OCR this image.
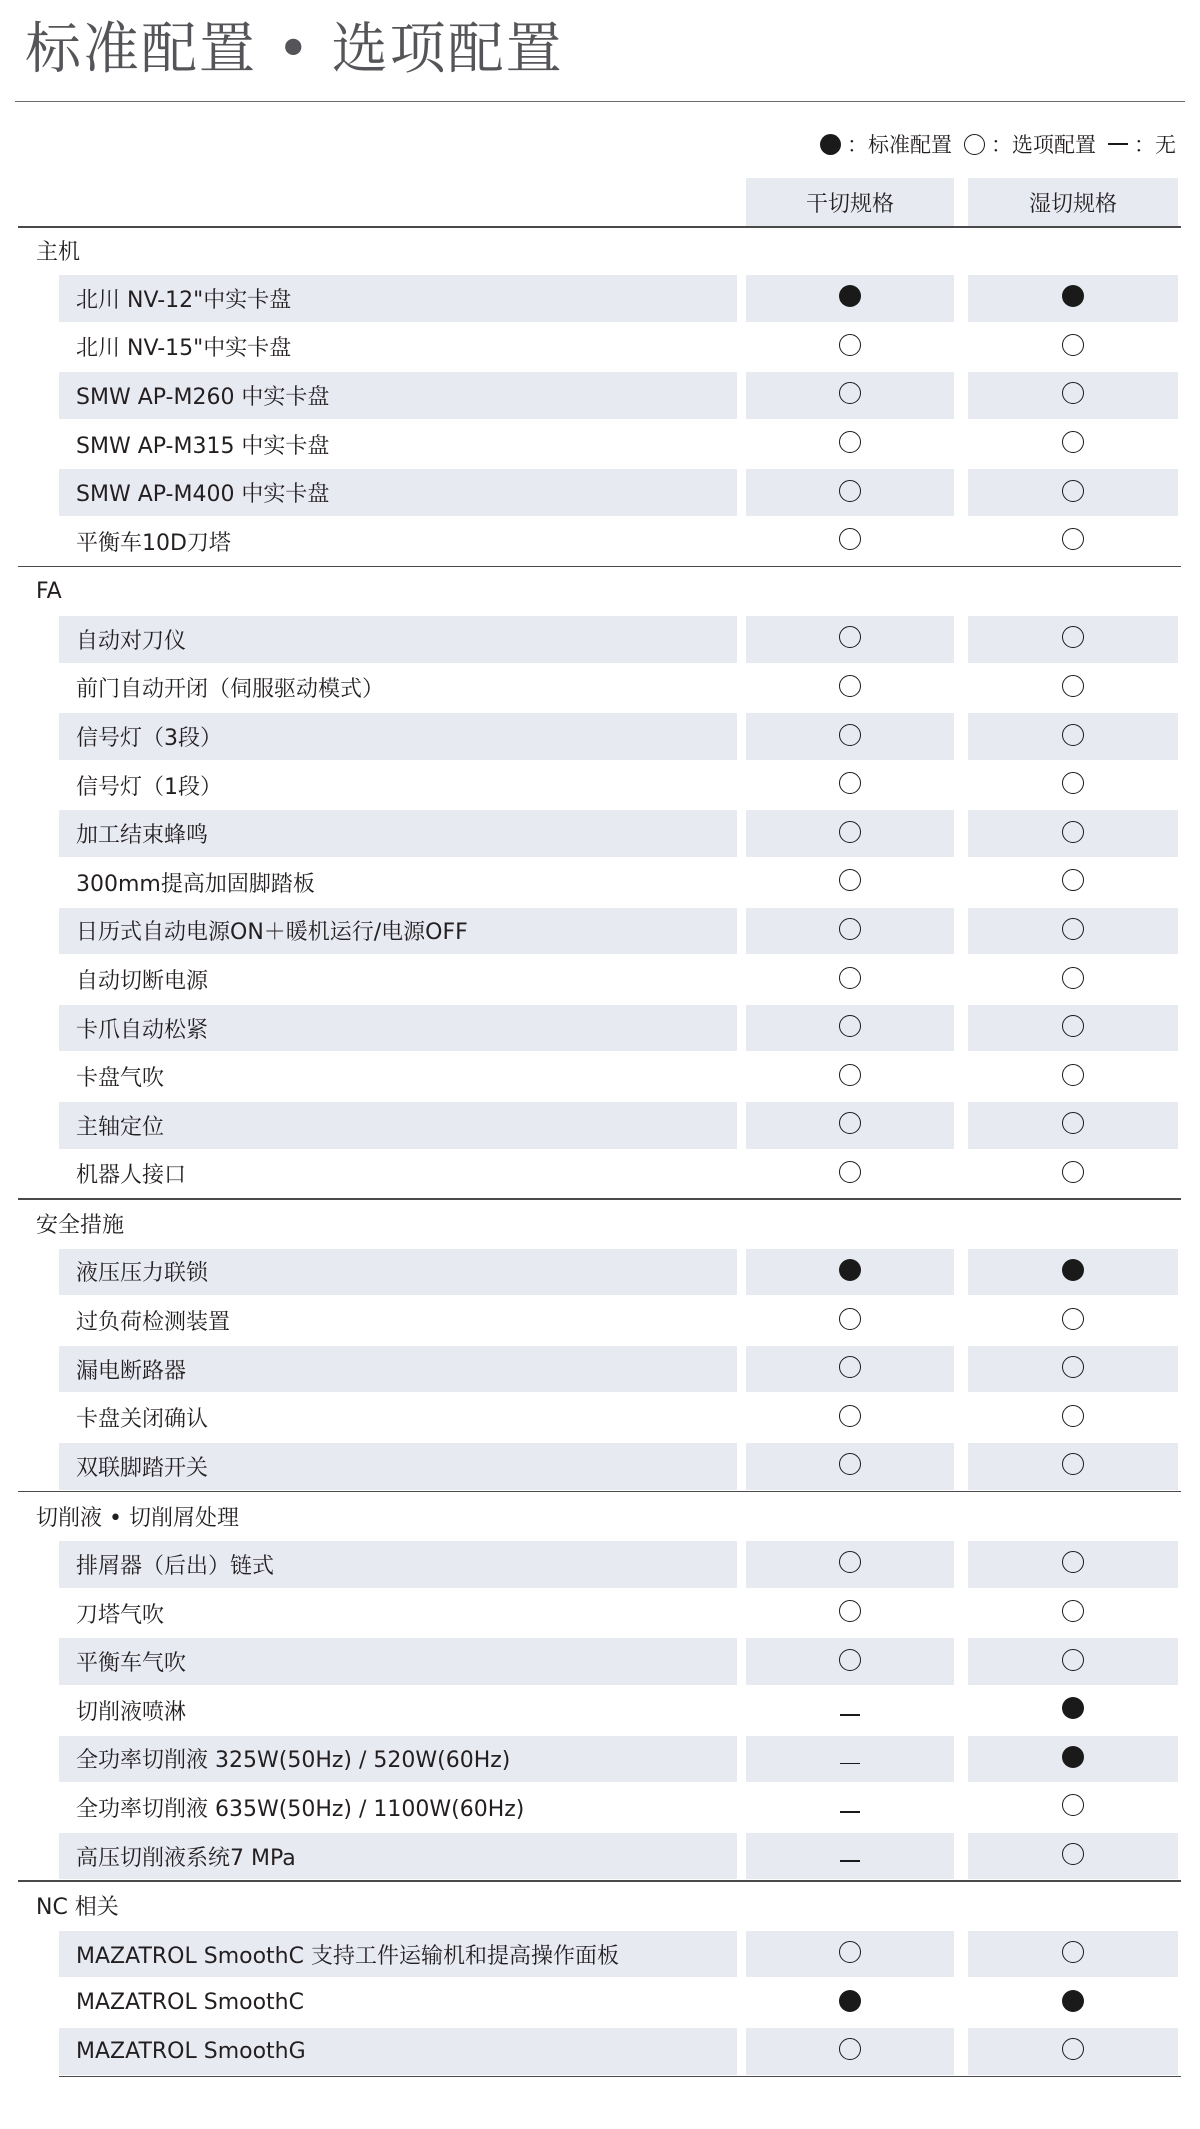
标准配置 • 选项配置
：标准配置 ：选项配置 ：无
干切规格	湿切规格
主机
北川 NV-12"中实卡盘
北川 NV-15"中实卡盘
SMW AP-M260 中实卡盘
SMW AP-M315 中实卡盘
SMW AP-M400 中实卡盘
平衡车10D刀塔
FA
自动对刀仪
前门自动开闭（伺服驱动模式）
信号灯（3段）
信号灯（1段）
加工结束蜂鸣
300mm提高加固脚踏板
日历式自动电源ON＋暖机运行/电源OFF
自动切断电源
卡爪自动松紧
卡盘气吹
主轴定位
机器人接口
安全措施
液压压力联锁
过负荷检测装置
漏电断路器
卡盘关闭确认
双联脚踏开关
切削液 • 切削屑处理
排屑器（后出）链式
刀塔气吹
平衡车气吹
切削液喷淋
全功率切削液 325W(50Hz) / 520W(60Hz)
全功率切削液 635W(50Hz) / 1100W(60Hz)
高压切削液系统7 MPa
NC 相关
MAZATROL SmoothC 支持工件运输机和提高操作面板
MAZATROL SmoothC
MAZATROL SmoothG
